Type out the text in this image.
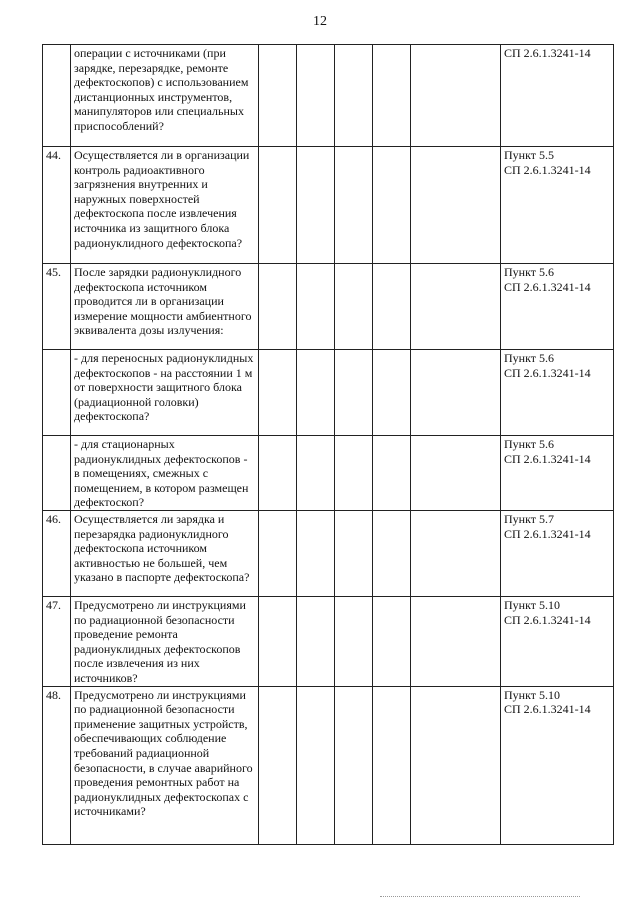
12
	операции с источниками (при зарядке, перезарядке, ремонте дефектоскопов) с использованием дистанционных инструментов, манипуляторов или специальных приспособлений?						СП 2.6.1.3241-14

44.	Осуществляется ли в организации контроль радиоактивного загрязнения внутренних и наружных поверхностей дефектоскопа после извлечения источника из защитного блока радионуклидного дефектоскопа?						Пункт 5.5
СП 2.6.1.3241-14

45.	После зарядки радионуклидного дефектоскопа источником проводится ли в организации измерение мощности амбиентного эквивалента дозы излучения:						Пункт 5.6
СП 2.6.1.3241-14

	- для переносных радионуклидных дефектоскопов - на расстоянии 1 м от поверхности защитного блока (радиационной головки) дефектоскопа?						Пункт 5.6
СП 2.6.1.3241-14

	- для стационарных радионуклидных дефектоскопов - в помещениях, смежных с помещением, в котором размещен дефектоскоп?						Пункт 5.6
СП 2.6.1.3241-14

46.	Осуществляется ли зарядка и перезарядка радионуклидного дефектоскопа источником активностью не большей, чем указано в паспорте дефектоскопа?						Пункт 5.7
СП 2.6.1.3241-14

47.	Предусмотрено ли инструкциями по радиационной безопасности проведение ремонта радионуклидных дефектоскопов после извлечения из них источников?						Пункт 5.10
СП 2.6.1.3241-14

48.	Предусмотрено ли инструкциями по радиационной безопасности применение защитных устройств, обеспечивающих соблюдение требований радиационной безопасности, в случае аварийного проведения ремонтных работ на радионуклидных дефектоскопах с источниками?						Пункт 5.10
СП 2.6.1.3241-14
